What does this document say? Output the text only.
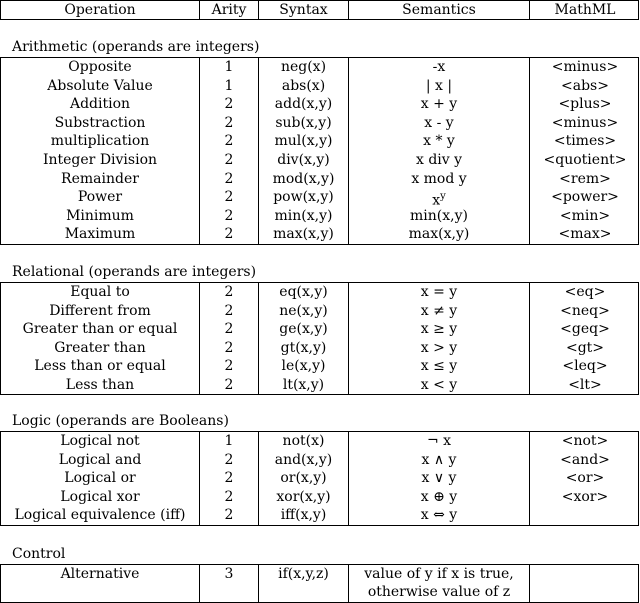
Operation	Arity	Syntax	Semantics	MathML
Arithmetic (operands are integers)
Opposite	1	neg(x)	-x	<minus>
Absolute Value	1	abs(x)	| x |	<abs>
Addition	2	add(x,y)	x + y	<plus>
Substraction	2	sub(x,y)	x - y	<minus>
multiplication	2	mul(x,y)	x * y	<times>
Integer Division	2	div(x,y)	x div y	<quotient>
Remainder	2	mod(x,y)	x mod y	<rem>
Power	2	pow(x,y)	$x^y$	<power>
Minimum	2	min(x,y)	min(x,y)	<min>
Maximum	2	max(x,y)	max(x,y)	<max>
Relational (operands are integers)
Equal to	2	eq(x,y)	x = y	<eq>
Different from	2	ne(x,y)	x ≠ y	<neq>
Greater than or equal	2	ge(x,y)	x ≥ y	<geq>
Greater than	2	gt(x,y)	x > y	<gt>
Less than or equal	2	le(x,y)	x ≤ y	<leq>
Less than	2	lt(x,y)	x < y	<lt>
Logic (operands are Booleans)
Logical not	1	not(x)	¬ x	<not>
Logical and	2	and(x,y)	x ∧ y	<and>
Logical or	2	or(x,y)	x ∨ y	<or>
Logical xor	2	xor(x,y)	x ⊕ y	<xor>
Logical equivalence (iff)	2	iff(x,y)	x ⇔ y
Control
Alternative	3	if(x,y,z)	value of y if x is true, otherwise value of z
